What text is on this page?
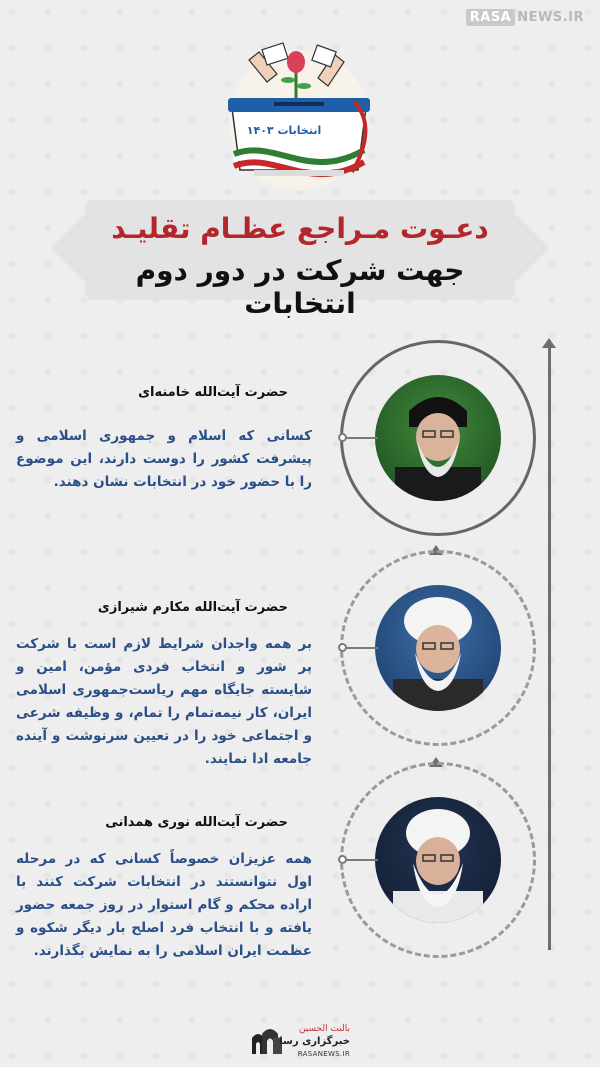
RASA NEWS.IR
انتخابات ۱۴۰۳
دعـوت مـراجع عظـام تقلیـد
جهت شرکت در دور دوم انتخابات
حضرت آیت‌الله خامنه‌ای
کسانی که اسلام و جمهوری اسلامی و پیشرفت کشور را دوست دارند، این موضوع را با حضور خود در انتخابات نشان دهند.
حضرت آیت‌الله مکارم شیرازی
بر همه واجدان شرایط لازم است با شرکت پر شور و انتخاب فردی مؤمن، امین و شایسته جایگاه مهم ریاست‌جمهوری اسلامی ایران، کار نیمه‌تمام را تمام، و وظیفه شرعی و اجتماعی خود را در تعیین سرنوشت و آینده جامعه ادا نمایند.
حضرت آیت‌الله نوری همدانی
همه عزیزان خصوصاً کسانی که در مرحله اول نتوانستند در انتخابات شرکت کنند با اراده محکم و گام استوار در روز جمعه حضور یافته و با انتخاب فرد اصلح بار دیگر شکوه و عظمت ایران اسلامی را به نمایش بگذارند.
بالنت الحسین
خبرگزاری رسا
RASANEWS.IR
